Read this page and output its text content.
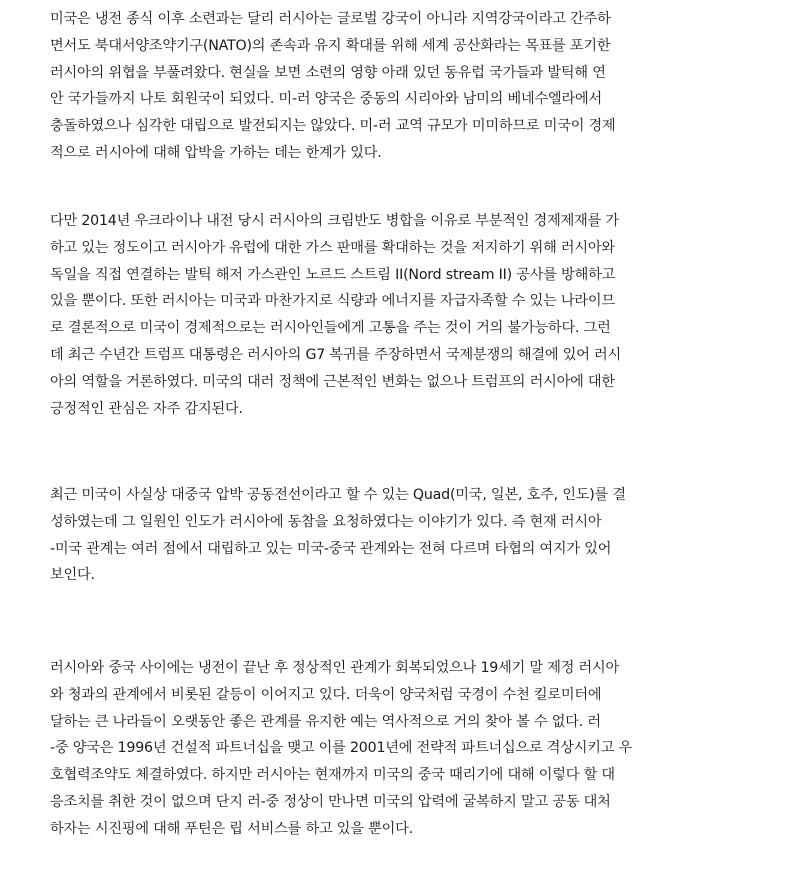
미국은 냉전 종식 이후 소련과는 달리 러시아는 글로벌 강국이 아니라 지역강국이라고 간주하
면서도 북대서양조약기구(NATO)의 존속과 유지 확대를 위해 세계 공산화라는 목표를 포기한
러시아의 위협을 부풀려왔다. 현실을 보면 소련의 영향 아래 있던 동유럽 국가들과 발틱해 연
안 국가들까지 나토 회원국이 되었다. 미-러 양국은 중동의 시리아와 남미의 베네수엘라에서
충돌하였으나 심각한 대립으로 발전되지는 않았다. 미-러 교역 규모가 미미하므로 미국이 경제
적으로 러시아에 대해 압박을 가하는 데는 한계가 있다.
다만 2014년 우크라이나 내전 당시 러시아의 크림반도 병합을 이유로 부분적인 경제제재를 가
하고 있는 정도이고 러시아가 유럽에 대한 가스 판매를 확대하는 것을 저지하기 위해 러시아와
독일을 직접 연결하는 발틱 해저 가스관인 노르드 스트림 II(Nord stream II) 공사를 방해하고
있을 뿐이다. 또한 러시아는 미국과 마찬가지로 식량과 에너지를 자급자족할 수 있는 나라이므
로 결론적으로 미국이 경제적으로는 러시아인들에게 고통을 주는 것이 거의 불가능하다. 그런
데 최근 수년간 트럼프 대통령은 러시아의 G7 복귀를 주장하면서 국제분쟁의 해결에 있어 러시
아의 역할을 거론하였다. 미국의 대러 정책에 근본적인 변화는 없으나 트럼프의 러시아에 대한
긍정적인 관심은 자주 감지된다.
최근 미국이 사실상 대중국 압박 공동전선이라고 할 수 있는 Quad(미국, 일본, 호주, 인도)를 결
성하였는데 그 일원인 인도가 러시아에 동참을 요청하였다는 이야기가 있다. 즉 현재 러시아
-미국 관계는 여러 점에서 대립하고 있는 미국-중국 관계와는 전혀 다르며 타협의 여지가 있어
보인다.
러시아와 중국 사이에는 냉전이 끝난 후 정상적인 관계가 회복되었으나 19세기 말 제정 러시아
와 청과의 관계에서 비롯된 갈등이 이어지고 있다. 더욱이 양국처럼 국경이 수천 킬로미터에
달하는 큰 나라들이 오랫동안 좋은 관계를 유지한 예는 역사적으로 거의 찾아 볼 수 없다. 러
-중 양국은 1996년 건설적 파트너십을 맺고 이를 2001년에 전략적 파트너십으로 격상시키고 우
호협력조약도 체결하였다. 하지만 러시아는 현재까지 미국의 중국 때리기에 대해 이렇다 할 대
응조치를 취한 것이 없으며 단지 러-중 정상이 만나면 미국의 압력에 굴복하지 말고 공동 대처
하자는 시진핑에 대해 푸틴은 립 서비스를 하고 있을 뿐이다.
